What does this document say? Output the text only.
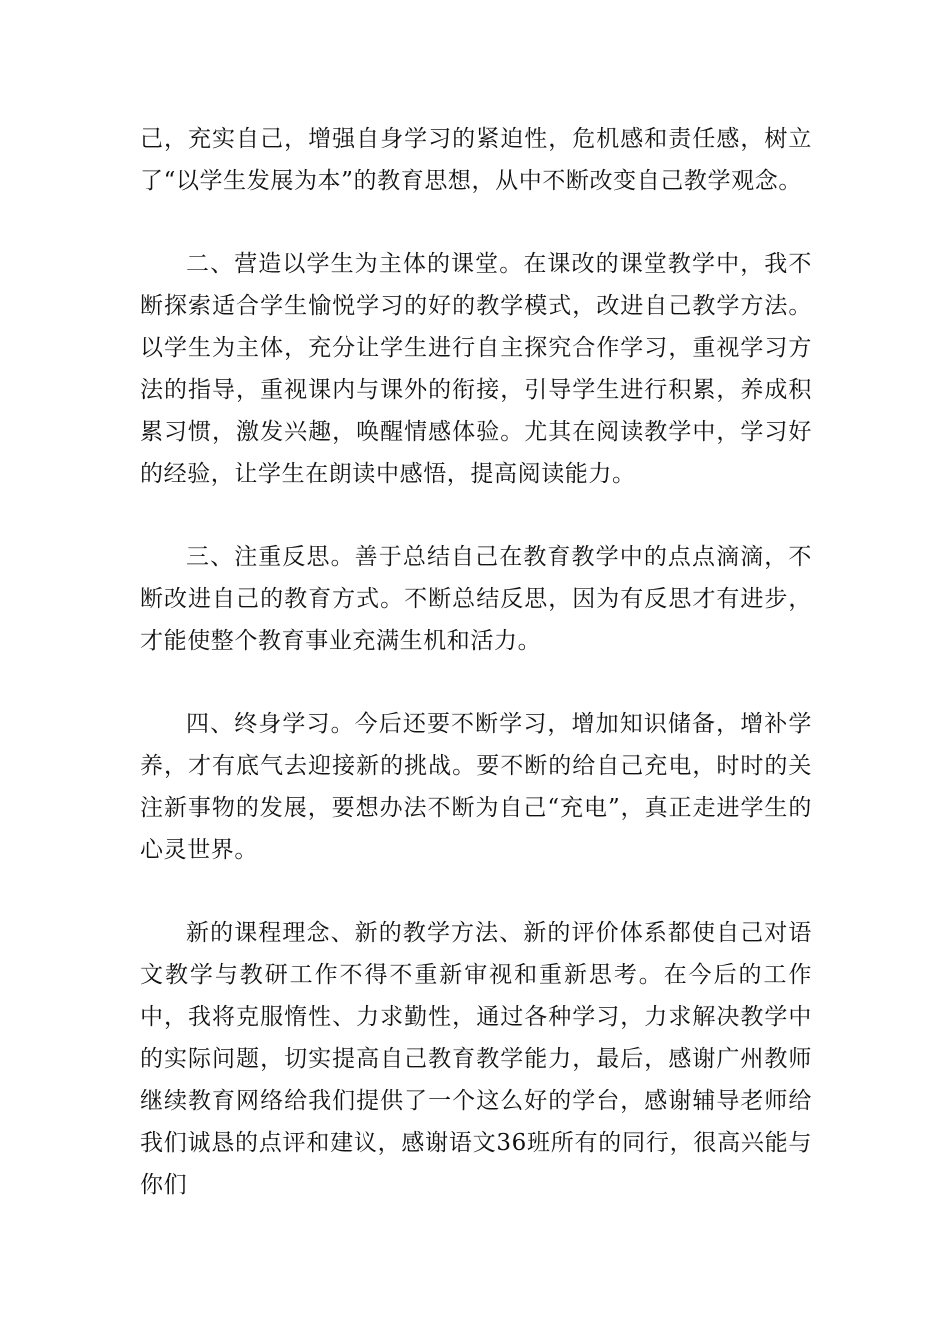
己，充实自己，增强自身学习的紧迫性，危机感和责任感，树立了“以学生发展为本”的教育思想，从中不断改变自己教学观念。

二、营造以学生为主体的课堂。在课改的课堂教学中，我不断探索适合学生愉悦学习的好的教学模式，改进自己教学方法。以学生为主体，充分让学生进行自主探究合作学习，重视学习方法的指导，重视课内与课外的衔接，引导学生进行积累，养成积累习惯，激发兴趣，唤醒情感体验。尤其在阅读教学中，学习好的经验，让学生在朗读中感悟，提高阅读能力。

三、注重反思。善于总结自己在教育教学中的点点滴滴，不断改进自己的教育方式。不断总结反思，因为有反思才有进步，才能使整个教育事业充满生机和活力。

四、终身学习。今后还要不断学习，增加知识储备，增补学养，才有底气去迎接新的挑战。要不断的给自己充电，时时的关注新事物的发展，要想办法不断为自己“充电”，真正走进学生的心灵世界。

新的课程理念、新的教学方法、新的评价体系都使自己对语文教学与教研工作不得不重新审视和重新思考。在今后的工作中，我将克服惰性、力求勤性，通过各种学习，力求解决教学中的实际问题，切实提高自己教育教学能力，最后，感谢广州教师继续教育网络给我们提供了一个这么好的学台，感谢辅导老师给我们诚恳的点评和建议，感谢语文36班所有的同行，很高兴能与你们
